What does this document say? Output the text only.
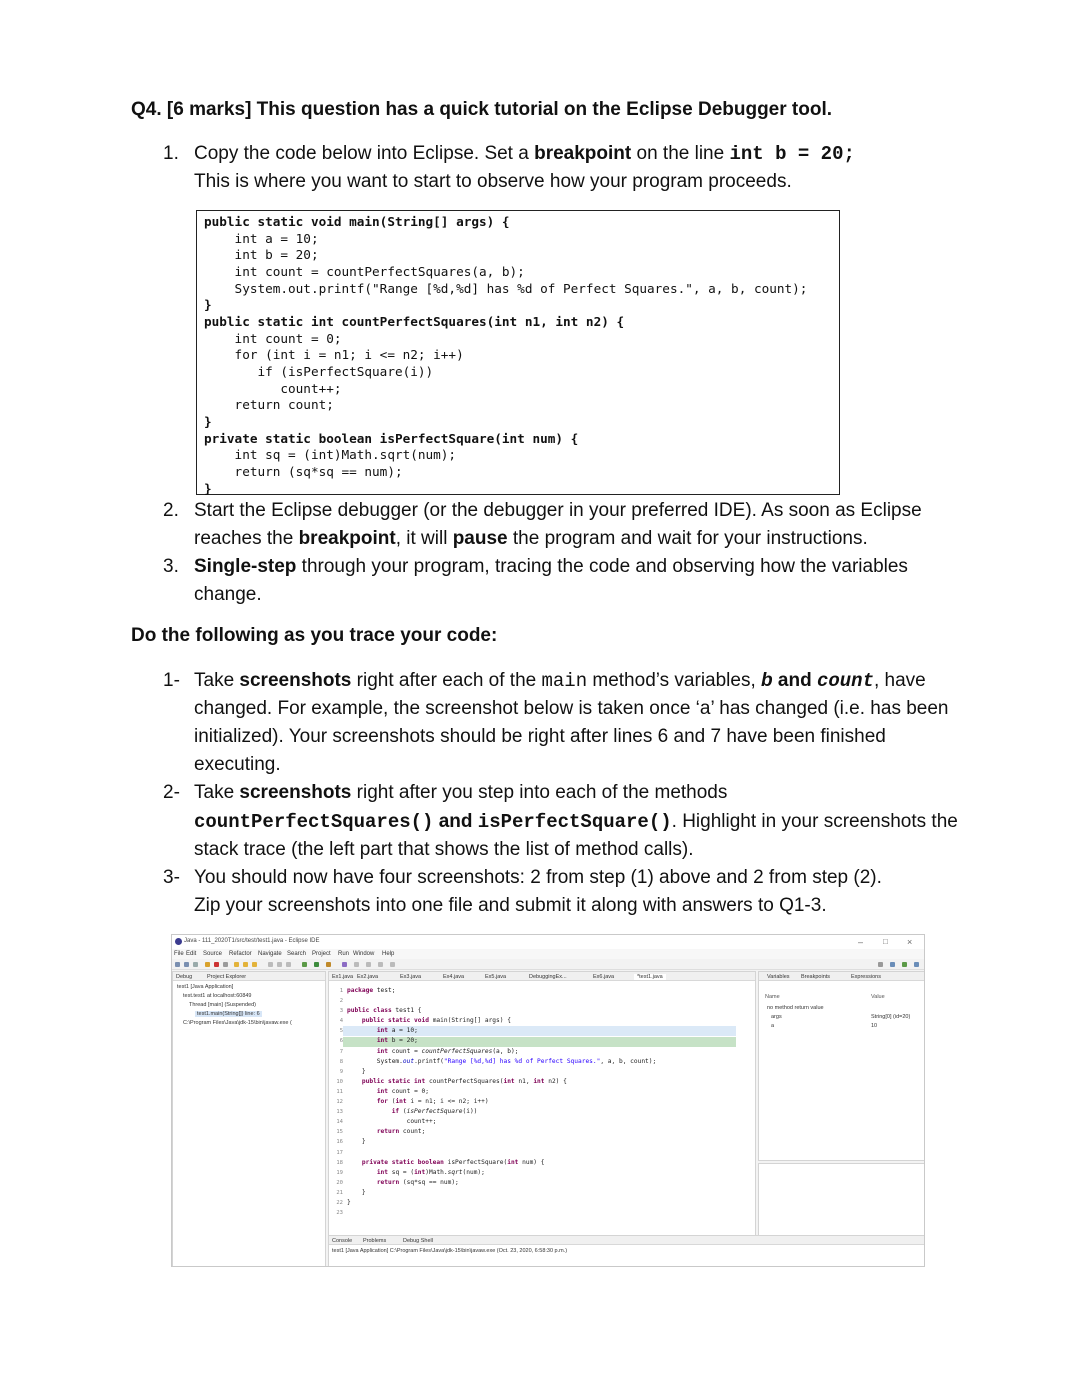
Q4. [6 marks] This question has a quick tutorial on the Eclipse Debugger tool.
1. Copy the code below into Eclipse. Set a breakpoint on the line int b = 20;
This is where you want to start to observe how your program proceeds.
public static void main(String[] args) {
int a = 10;
int b = 20;
int count = countPerfectSquares(a, b);
System.out.printf("Range [%d,%d] has %d of Perfect Squares.", a, b, count);
}
public static int countPerfectSquares(int n1, int n2) {
int count = 0;
for (int i = n1; i <= n2; i++)
if (isPerfectSquare(i))
count++;
return count;
}
private static boolean isPerfectSquare(int num) {
int sq = (int)Math.sqrt(num);
return (sq*sq == num);
}
2. Start the Eclipse debugger (or the debugger in your preferred IDE). As soon as Eclipse
reaches the breakpoint, it will pause the program and wait for your instructions.
3. Single-step through your program, tracing the code and observing how the variables
change.
Do the following as you trace your code:
1- Take screenshots right after each of the main method’s variables, b and count, have
changed. For example, the screenshot below is taken once ‘a’ has changed (i.e. has been
initialized). Your screenshots should be right after lines 6 and 7 have been finished
executing.
2- Take screenshots right after you step into each of the methods
countPerfectSquares() and isPerfectSquare(). Highlight in your screenshots the
stack trace (the left part that shows the list of method calls).
3- You should now have four screenshots: 2 from step (1) above and 2 from step (2).
Zip your screenshots into one file and submit it along with answers to Q1-3.
Java - 111_2020T1/src/test/test1.java - Eclipse IDE	– □ ×
File Edit Source Refactor Navigate Search Project Run Window Help
Debug	Project Explorer
test1 [Java Application]
test.test1 at localhost:60849
Thread [main] (Suspended)
test1.main(String[]) line: 6
C:\Program Files\Java\jdk-15\bin\javaw.exe (
Ex1.java Ex2.java	Ex3.java	Ex4.java	Ex5.java	DebuggingEx...	Ex6.java	*test1.java
1
2
3
4
5
6
7
8
9
10
11
12
13
14
15
16
17
18
19
20
21
22
23
package test;

public class test1 {
public static void main(String[] args) {
int a = 10;
int b = 20;
int count = countPerfectSquares(a, b);
System.out.printf("Range [%d,%d] has %d of Perfect Squares.", a, b, count);
}
public static int countPerfectSquares(int n1, int n2) {
int count = 0;
for (int i = n1; i <= n2; i++)
if (isPerfectSquare(i))
count++;
return count;
}

private static boolean isPerfectSquare(int num) {
int sq = (int)Math.sqrt(num);
return (sq*sq == num);
}
}

Variables Breakpoints	Expressions
Name	Value
no method return value
args	String[0] (id=20)
a	10
Console Problems	Debug Shell
test1 [Java Application] C:\Program Files\Java\jdk-15\bin\javaw.exe (Oct. 23, 2020, 6:58:30 p.m.)
